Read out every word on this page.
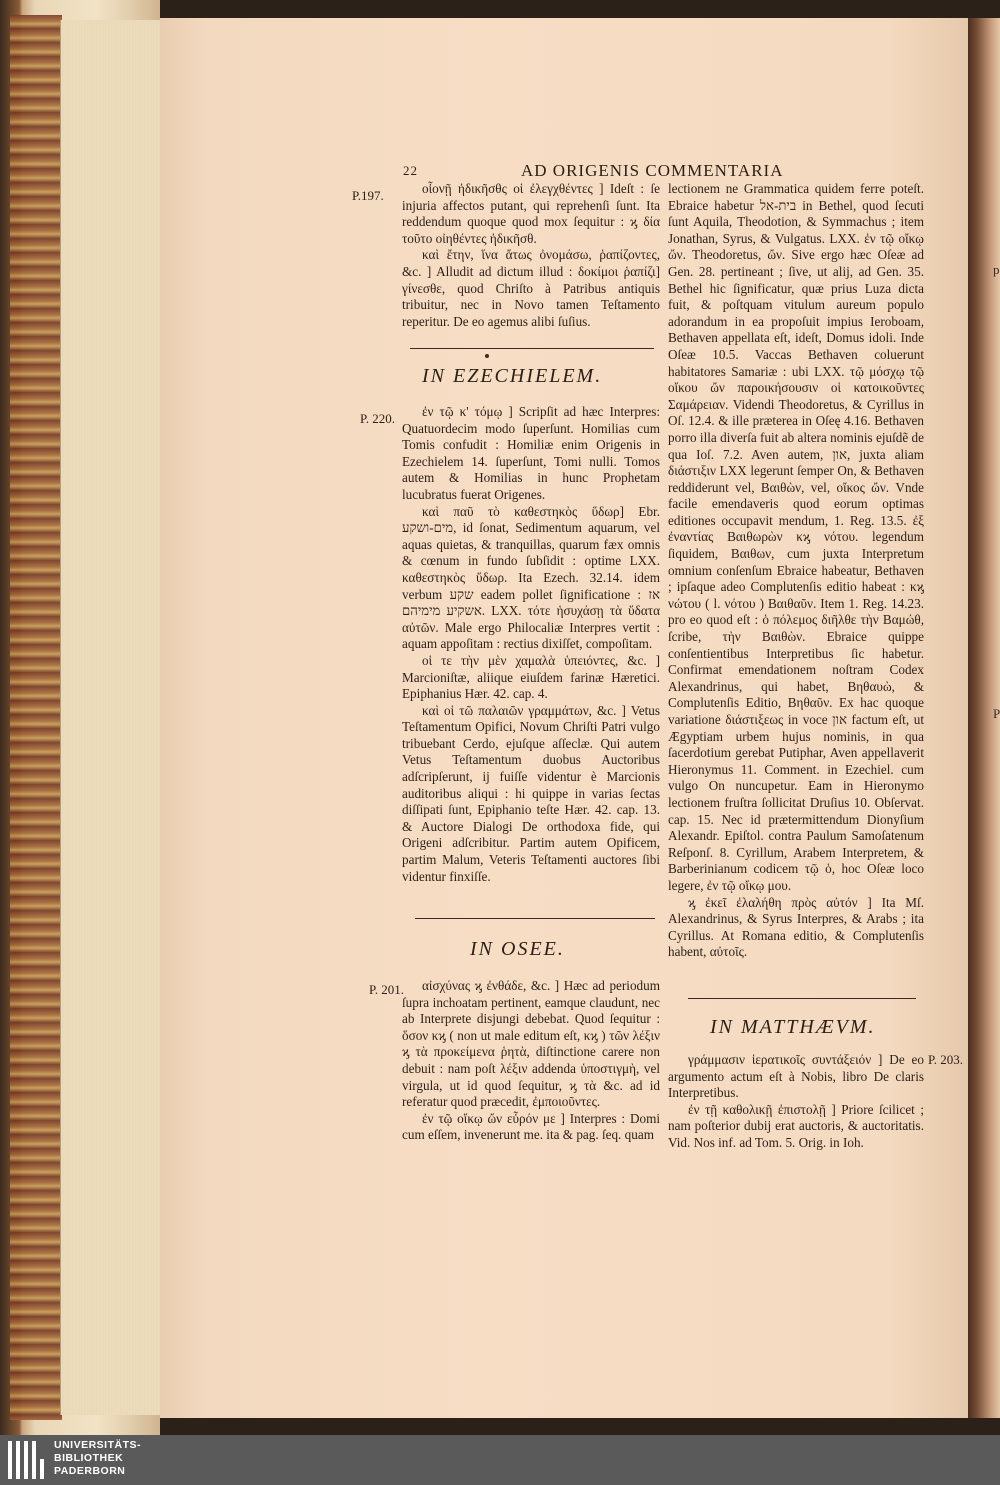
p
P
22	AD ORIGENIS COMMENTARIA
P.197.
P. 220.
P. 201.
P. 203.

οἶονῇ ἠδικῆσθς οἱ ἐλεγχθέντες ] Ideſt : ſe injuria affectos putant, qui reprehenſi ſunt. Ita reddendum quoque quod mox ſequitur : ϗ δία τοῦτο οἰηθέντες ἠδικῆσθ.

καὶ ἔτην, ἵνα ἄτως ὀνομάσω, ῥαπίζοντες, &c. ] Alludit ad dictum illud : δοκίμοι ῥαπίζι] γίνεσθε, quod Chriſto à Patribus antiquis tribuitur, nec in Novo tamen Teſtamento reperitur. De eo agemus alibi ſuſius.

IN EZECHIELEM.

ἐν τῷ κ' τόμῳ ] Scripſit ad hæc Interpres: Quatuordecim modo ſuperſunt. Homilias cum Tomis confudit : Homiliæ enim Origenis in Ezechielem 14. ſuperſunt, Tomi nulli. Tomos autem & Homilias in hunc Prophetam lucubratus fuerat Origenes.

καὶ παῦ τὸ καθεστηκὸς ὕδωρ] Ebr. מים-ושקע, id ſonat, Sedimentum aquarum, vel aquas quietas, & tranquillas, quarum fæx omnis & cœnum in fundo ſubſidit : optime LXX. καθεστηκὸς ὕδωρ. Ita Ezech. 32.14. idem verbum שקע eadem pollet ſignificatione : אז אשקיע מימיהם. LXX. τότε ἡσυχάσῃ τὰ ὕδατα αὐτῶν. Male ergo Philocaliæ Interpres vertit : aquam appoſitam : rectius dixiſſet, compoſitam.

οἱ τε τὴν μὲν χαμαλὰ ὑπειόντες, &c. ] Marcioniſtæ, aliique eiuſdem farinæ Hæretici. Epiphanius Hær. 42. cap. 4.

καὶ οἱ τῶ παλαιῶν γραμμάτων, &c. ] Vetus Teſtamentum Opifici, Novum Chriſti Patri vulgo tribuebant Cerdo, ejuſque aſſeclæ. Qui autem Vetus Teſtamentum duobus Auctoribus adſcripſerunt, ij fuiſſe videntur è Marcionis auditoribus aliqui : hi quippe in varias ſectas diſſipati ſunt, Epiphanio teſte Hær. 42. cap. 13. & Auctore Dialogi De orthodoxa fide, qui Origeni adſcribitur. Partim autem Opificem, partim Malum, Veteris Teſtamenti auctores ſibi videntur finxiſſe.

IN OSEE.

αἰσχύνας ϗ ἐνθάδε, &c. ] Hæc ad periodum ſupra inchoatam pertinent, eamque claudunt, nec ab Interprete disjungi debebat. Quod ſequitur : ὅσον κϗ ( non ut male editum eſt, κϗ ) τῶν λέξιν ϗ τὰ προκείμενα ῥητὰ, diſtinctione carere non debuit : nam poſt λέξιν addenda ὑποστιγμὴ, vel virgula, ut id quod ſequitur, ϗ τὰ &c. ad id referatur quod præcedit, ἐμποιοῦντες.

ἐν τῷ οἴκῳ ὤν εὗρόν με ] Interpres : Domi cum eſſem, invenerunt me. ita & pag. ſeq. quam

lectionem ne Grammatica quidem ferre poteſt. Ebraice habetur בית-אל in Bethel, quod ſecuti ſunt Aquila, Theodotion, & Symmachus ; item Jonathan, Syrus, & Vulgatus. LXX. ἐν τῷ οἴκῳ ὤν. Theodoretus, ὤν. Sive ergo hæc Oſeæ ad Gen. 28. pertineant ; ſive, ut alij, ad Gen. 35. Bethel hic ſignificatur, quæ prius Luza dicta fuit, & poſtquam vitulum aureum populo adorandum in ea propoſuit impius Ieroboam, Bethaven appellata eſt, ideſt, Domus idoli. Inde Oſeæ 10.5. Vaccas Bethaven coluerunt habitatores Samariæ : ubi LXX. τῷ μόσχῳ τῷ οἴκου ὤν παροικήσουσιν οἱ κατοικοῦντες Σαμάρειαν. Videndi Theodoretus, & Cyrillus in Oſ. 12.4. & ille præterea in Oſeę 4.16. Bethaven porro illa diverſa fuit ab altera nominis ejuſdẽ de qua Ioſ. 7.2. Aven autem, און, juxta aliam διάστιξιν LXX legerunt ſemper On, & Bethaven reddiderunt vel, Βαιθὼν, vel, οἴκος ὤν. Vnde facile emendaveris quod eorum optimas editiones occupavit mendum, 1. Reg. 13.5. ἐξ ἐναντίας Βαιθωρὼν κϗ νότου. legendum ſiquidem, Βαιθων, cum juxta Interpretum omnium conſenſum Ebraice habeatur, Bethaven ; ipſaque adeo Complutenſis editio habeat : κϗ νώτου ( l. νότου ) Βαιθαῦν. Item 1. Reg. 14.23. pro eo quod eſt : ὁ πόλεμος διῆλθε τὴν Βαμώθ, ſcribe, τὴν Βαιθὼν. Ebraice quippe conſentientibus Interpretibus ſic habetur. Confirmat emendationem noſtram Codex Alexandrinus, qui habet, Βηθαυὼ, & Complutenſis Editio, Βηθαῦν. Ex hac quoque variatione διάστιξεως in voce און factum eſt, ut Ægyptiam urbem hujus nominis, in qua ſacerdotium gerebat Putiphar, Aven appellaverit Hieronymus 11. Comment. in Ezechiel. cum vulgo On nuncupetur. Eam in Hieronymo lectionem fruſtra ſollicitat Druſius 10. Obſervat. cap. 15. Nec id prætermittendum Dionyſium Alexandr. Epiſtol. contra Paulum Samoſatenum Reſponſ. 8. Cyrillum, Arabem Interpretem, & Barberinianum codicem τῷ ὁ, hoc Oſeæ loco legere, ἐν τῷ οἴκῳ μου.

ϗ ἐκεῖ ἐλαλήθη πρὸς αὐτόν ] Ita Mſ. Alexandrinus, & Syrus Interpres, & Arabs ; ita Cyrillus. At Romana editio, & Complutenſis habent, αὐτοῖς.

IN MATTHÆVM.

γράμμασιν ἱερατικοῖς συντάξειόν ] De eo argumento actum eſt à Nobis, libro De claris Interpretibus.

ἐν τῇ καθολικῇ ἐπιστολῇ ] Priore ſcilicet ; nam poſterior dubij erat auctoris, & auctoritatis. Vid. Nos inf. ad Tom. 5. Orig. in Ioh.

UNIVERSITÄTS-
BIBLIOTHEK
PADERBORN
